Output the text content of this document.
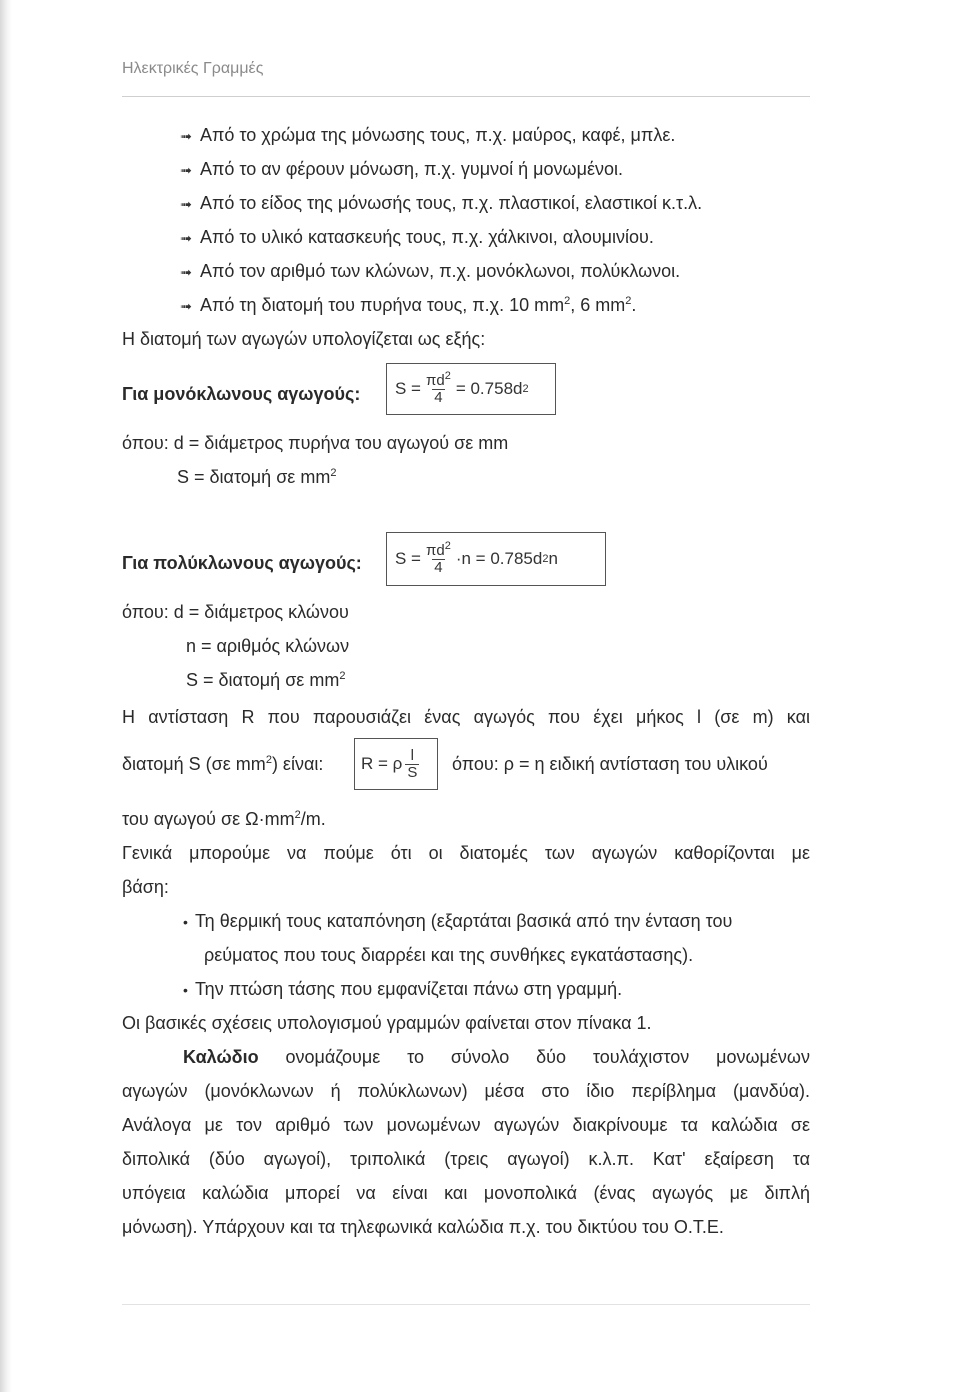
Ηλεκτρικές Γραμμές
➟ Από το χρώμα της μόνωσης τους, π.χ. μαύρος, καφέ, μπλε.
➟ Από το αν φέρουν μόνωση, π.χ. γυμνοί ή μονωμένοι.
➟ Από το είδος της μόνωσής τους, π.χ. πλαστικοί, ελαστικοί κ.τ.λ.
➟ Από το υλικό κατασκευής τους, π.χ. χάλκινοι, αλουμινίου.
➟ Από τον αριθμό των κλώνων, π.χ. μονόκλωνοι, πολύκλωνοι.
➟ Από τη διατομή του πυρήνα τους, π.χ. 10 $mm^2$, 6 $mm^2$.
Η διατομή των αγωγών υπολογίζεται ως εξής:
Για μονόκλωνους αγωγούς: $S = \frac{\pi d^2}{4} = 0.758d$ 2
όπου: d = διάμετρος πυρήνα του αγωγού σε mm
S = διατομή σε $mm^2$
Για πολύκλωνους αγωγούς: $S = \frac{\pi d^2}{4} \cdot n = 0.785d$ 2 n
όπου: d = διάμετρος κλώνου
n = αριθμός κλώνων
S = διατομή σε $mm^2$
Η αντίσταση R που παρουσιάζει ένας αγωγός που έχει μήκος l (σε m) και
διατομή S (σε $mm^2$) είναι: R = ρ $\frac{l}{S} ό\pi o\upsilon$: ρ = η ειδική αντίσταση του υλικού
του αγωγού σε $\Omega\cdot mm^2/m$.
Γενικά μπορούμε να πούμε ότι οι διατομές των αγωγών καθορίζονται με
βάση:
• Τη θερμική τους καταπόνηση (εξαρτάται βασικά από την ένταση του
ρεύματος που τους διαρρέει και της συνθήκες εγκατάστασης).
• Την πτώση τάσης που εμφανίζεται πάνω στη γραμμή.
Οι βασικές σχέσεις υπολογισμού γραμμών φαίνεται στον πίνακα 1.
Καλώδιο ονομάζουμε το σύνολο δύο τουλάχιστον μονωμένων
αγωγών (μονόκλωνων ή πολύκλωνων) μέσα στο ίδιο περίβλημα (μανδύα).
Ανάλογα με τον αριθμό των μονωμένων αγωγών διακρίνουμε τα καλώδια σε
διπολικά (δύο αγωγοί), τριπολικά (τρεις αγωγοί) κ.λ.π. Κατ' εξαίρεση τα
υπόγεια καλώδια μπορεί να είναι και μονοπολικά (ένας αγωγός με διπλή
μόνωση). Υπάρχουν και τα τηλεφωνικά καλώδια π.χ. του δικτύου του Ο.Τ.Ε.
